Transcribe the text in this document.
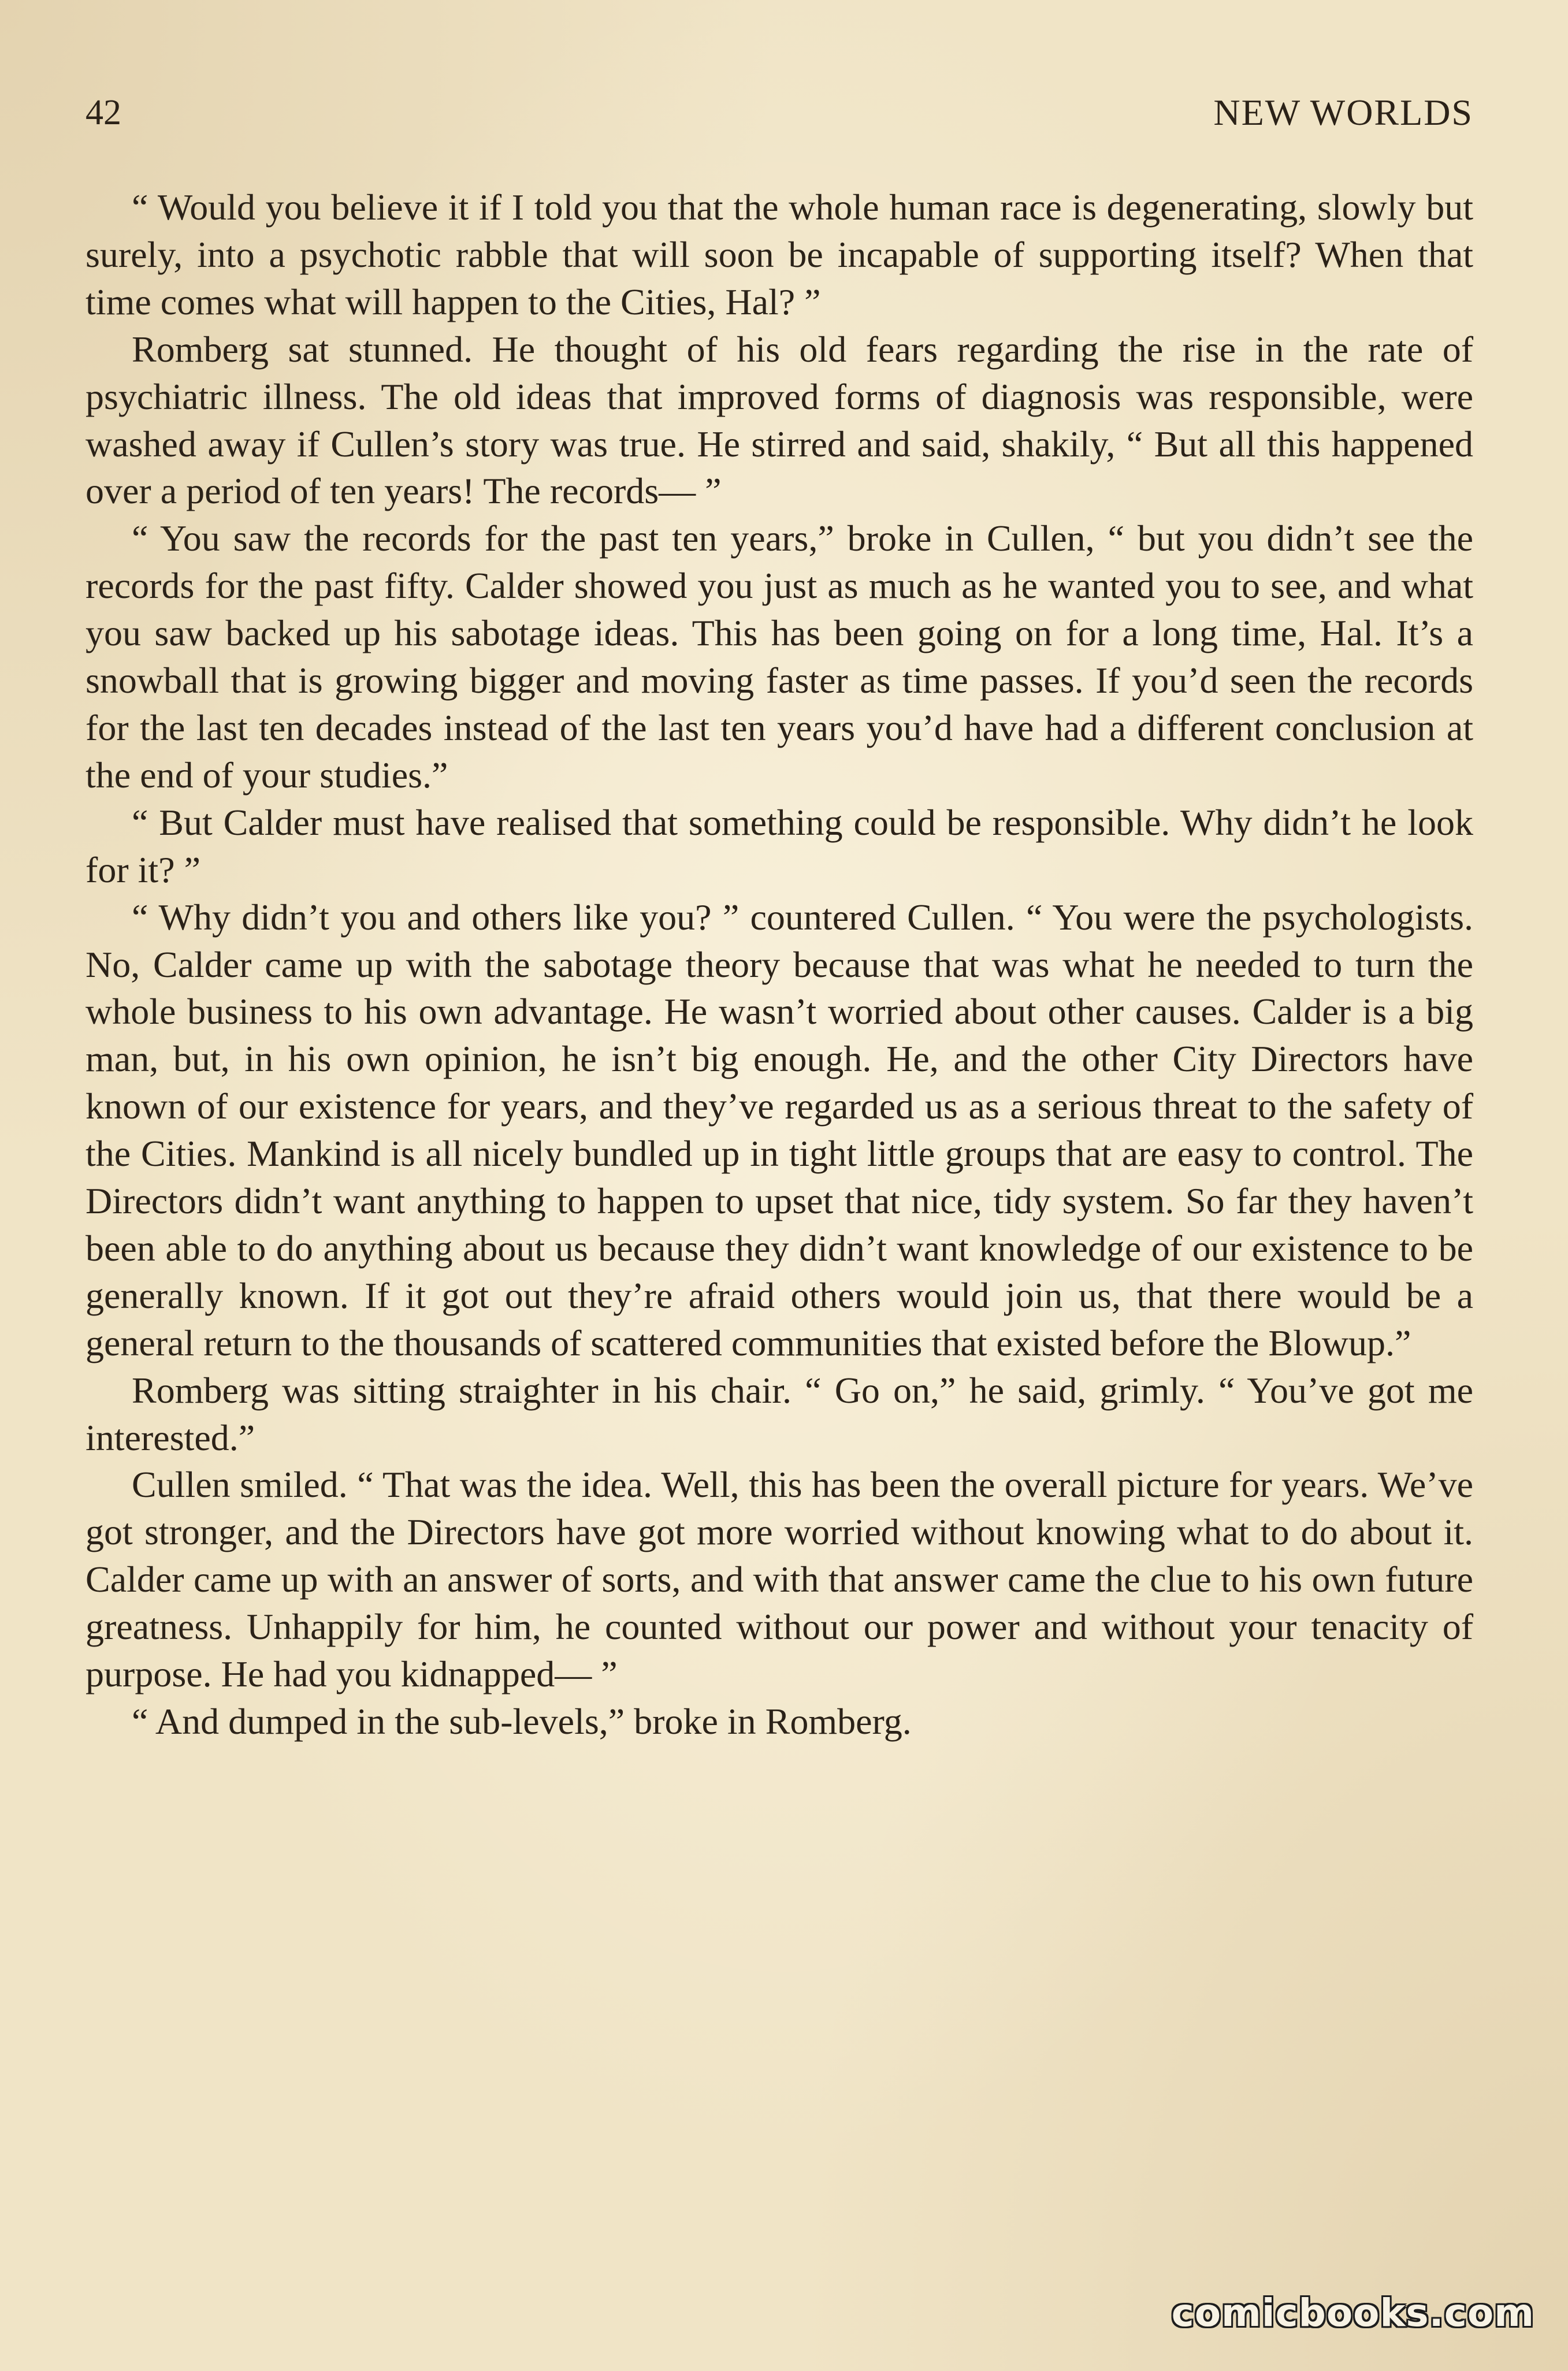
42	NEW WORLDS

“ Would you believe it if I told you that the whole human race is degenerating, slowly but surely, into a psychotic rabble that will soon be incapable of supporting itself? When that time comes what will happen to the Cities, Hal? ”

Romberg sat stunned. He thought of his old fears regarding the rise in the rate of psychiatric illness. The old ideas that improved forms of diagnosis was responsible, were washed away if Cullen’s story was true. He stirred and said, shakily, “ But all this happened over a period of ten years! The records— ”

“ You saw the records for the past ten years,” broke in Cullen, “ but you didn’t see the records for the past fifty. Calder showed you just as much as he wanted you to see, and what you saw backed up his sabotage ideas. This has been going on for a long time, Hal. It’s a snowball that is growing bigger and moving faster as time passes. If you’d seen the records for the last ten decades instead of the last ten years you’d have had a different conclusion at the end of your studies.”

“ But Calder must have realised that something could be responsible. Why didn’t he look for it? ”

“ Why didn’t you and others like you? ” countered Cullen. “ You were the psychologists. No, Calder came up with the sabotage theory because that was what he needed to turn the whole business to his own advantage. He wasn’t worried about other causes. Calder is a big man, but, in his own opinion, he isn’t big enough. He, and the other City Directors have known of our existence for years, and they’ve regarded us as a serious threat to the safety of the Cities. Mankind is all nicely bundled up in tight little groups that are easy to control. The Directors didn’t want anything to happen to upset that nice, tidy system. So far they haven’t been able to do anything about us because they didn’t want knowledge of our existence to be generally known. If it got out they’re afraid others would join us, that there would be a general return to the thousands of scattered communities that existed before the Blowup.”

Romberg was sitting straighter in his chair. “ Go on,” he said, grimly. “ You’ve got me interested.”

Cullen smiled. “ That was the idea. Well, this has been the overall picture for years. We’ve got stronger, and the Directors have got more worried without knowing what to do about it. Calder came up with an answer of sorts, and with that answer came the clue to his own future greatness. Unhappily for him, he counted without our power and without your tenacity of purpose. He had you kidnapped— ”

“ And dumped in the sub-levels,” broke in Romberg.

comicbooks.com
